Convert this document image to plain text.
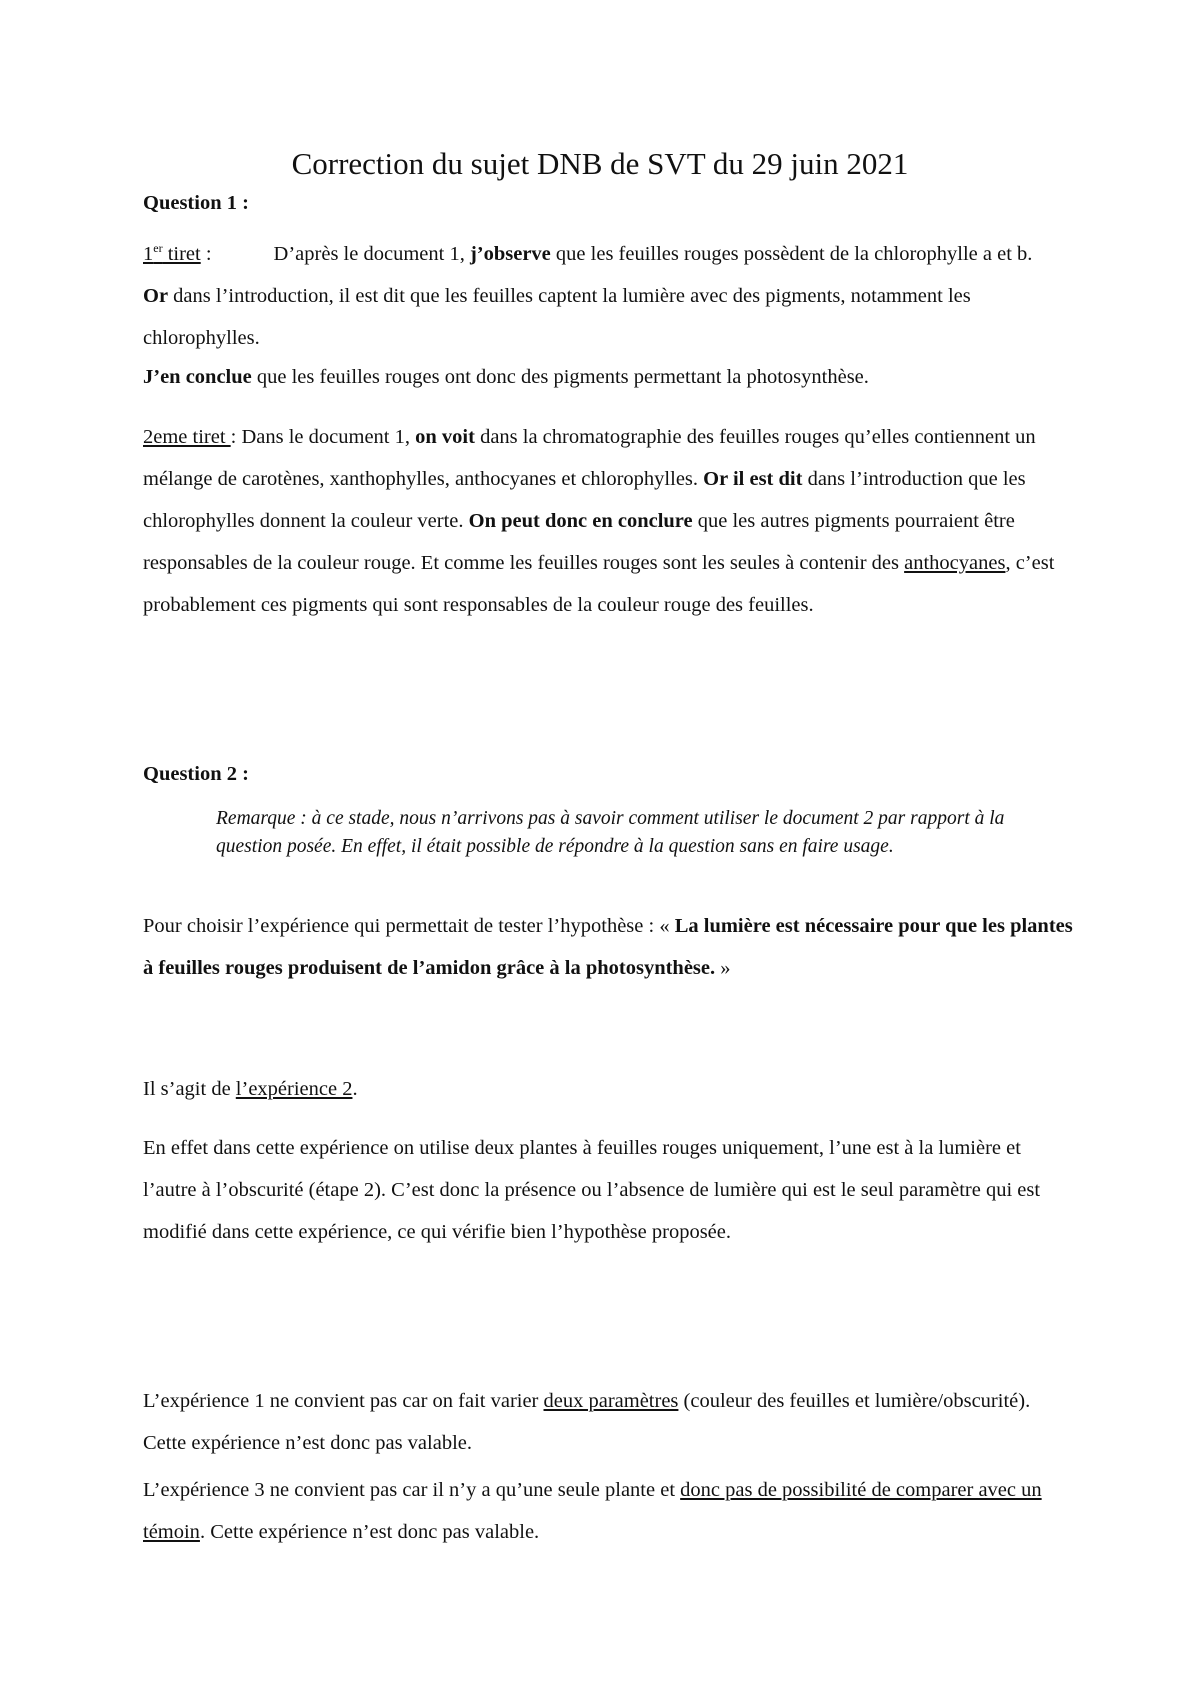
Correction du sujet DNB de SVT du 29 juin 2021
Question 1 :
1er tiret :	D’après le document 1, j’observe que les feuilles rouges possèdent de la chlorophylle a et b. Or dans l’introduction, il est dit que les feuilles captent la lumière avec des pigments, notamment les chlorophylles.
J’en conclue que les feuilles rouges ont donc des pigments permettant la photosynthèse.
2eme tiret : Dans le document 1, on voit dans la chromatographie des feuilles rouges qu’elles contiennent un mélange de carotènes, xanthophylles, anthocyanes et chlorophylles. Or il est dit dans l’introduction que les chlorophylles donnent la couleur verte. On peut donc en conclure que les autres pigments pourraient être responsables de la couleur rouge. Et comme les feuilles rouges sont les seules à contenir des anthocyanes, c’est probablement ces pigments qui sont responsables de la couleur rouge des feuilles.
Question 2 :
Remarque : à ce stade, nous n’arrivons pas à savoir comment utiliser le document 2 par rapport à la question posée. En effet, il était possible de répondre à la question sans en faire usage.
Pour choisir l’expérience qui permettait de tester l’hypothèse : « La lumière est nécessaire pour que les plantes à feuilles rouges produisent de l’amidon grâce à la photosynthèse. »
Il s’agit de l’expérience 2.
En effet dans cette expérience on utilise deux plantes à feuilles rouges uniquement, l’une est à la lumière et l’autre à l’obscurité (étape 2). C’est donc la présence ou l’absence de lumière qui est le seul paramètre qui est modifié dans cette expérience, ce qui vérifie bien l’hypothèse proposée.
L’expérience 1 ne convient pas car on fait varier deux paramètres (couleur des feuilles et lumière/obscurité). Cette expérience n’est donc pas valable.
L’expérience 3 ne convient pas car il n’y a qu’une seule plante et donc pas de possibilité de comparer avec un témoin. Cette expérience n’est donc pas valable.
